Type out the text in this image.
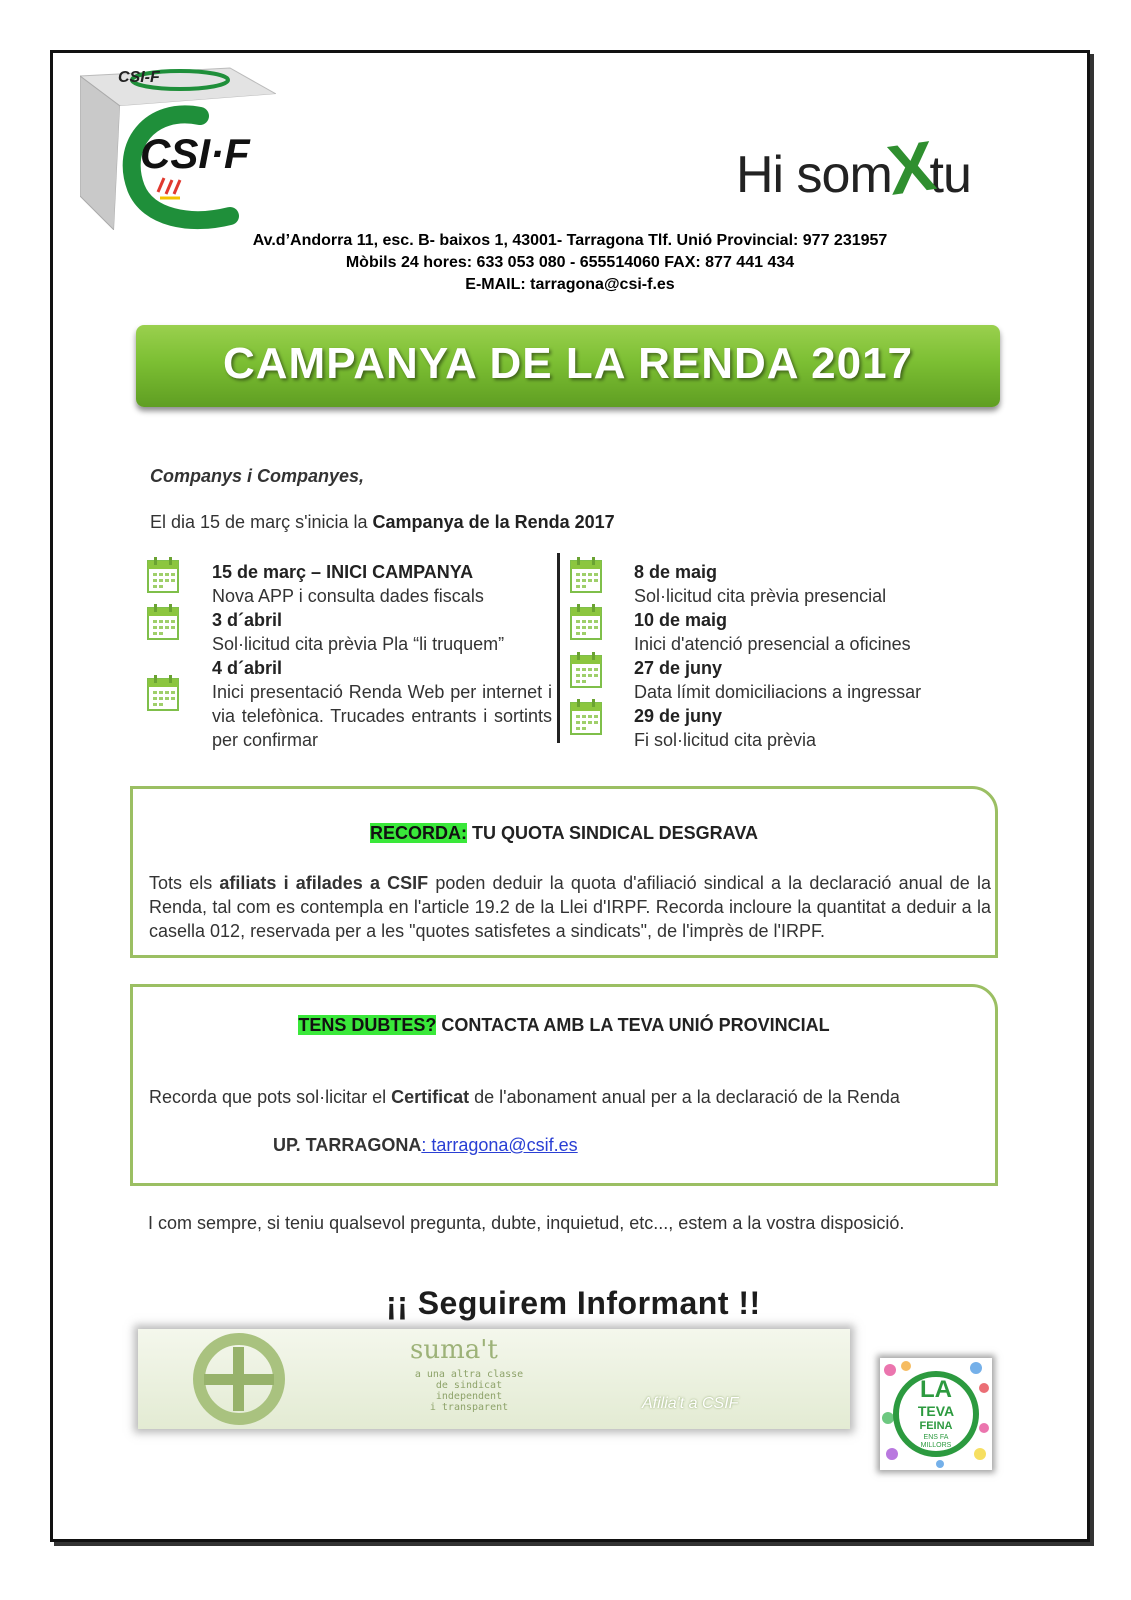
CSI-F
CSI·F	Hi somXtu
Av.d’Andorra 11, esc. B- baixos 1, 43001- Tarragona Tlf. Unió Provincial: 977 231957
Mòbils 24 hores: 633 053 080 - 655514060 FAX: 877 441 434
E-MAIL: tarragona@csi-f.es
CAMPANYA DE LA RENDA 2017
Companys i Companyes,
El dia 15 de març s'inicia la Campanya de la Renda 2017
15 de març – INICI CAMPANYA
Nova APP i consulta dades fiscals
3 d´abril
Sol·licitud cita prèvia Pla “li truquem”
4 d´abril
Inici presentació Renda Web per internet i via telefònica. Trucades entrants i sortints per confirmar
8 de maig
Sol·licitud cita prèvia presencial
10 de maig
Inici d'atenció presencial a oficines
27 de juny
Data límit domiciliacions a ingressar
29 de juny
Fi sol·licitud cita prèvia
RECORDA: TU QUOTA SINDICAL DESGRAVA
Tots els afiliats i afilades a CSIF poden deduir la quota d'afiliació sindical a la declaració anual de la Renda, tal com es contempla en l'article 19.2 de la Llei d'IRPF. Recorda incloure la quantitat a deduir a la casella 012, reservada per a les "quotes satisfetes a sindicats", de l'imprès de l'IRPF.
TENS DUBTES? CONTACTA AMB LA TEVA UNIÓ PROVINCIAL
Recorda que pots sol·licitar el Certificat de l'abonament anual per a la declaració de la Renda
UP. TARRAGONA: tarragona@csif.es
I com sempre, si teniu qualsevol pregunta, dubte, inquietud, etc..., estem a la vostra disposició.
¡¡ Seguirem Informant !!
suma't
a una altra classe
de sindicat
independent
i transparent	Afilia't a CSIF
LA
TEVA
FEINA
ENS FA
MILLORS
